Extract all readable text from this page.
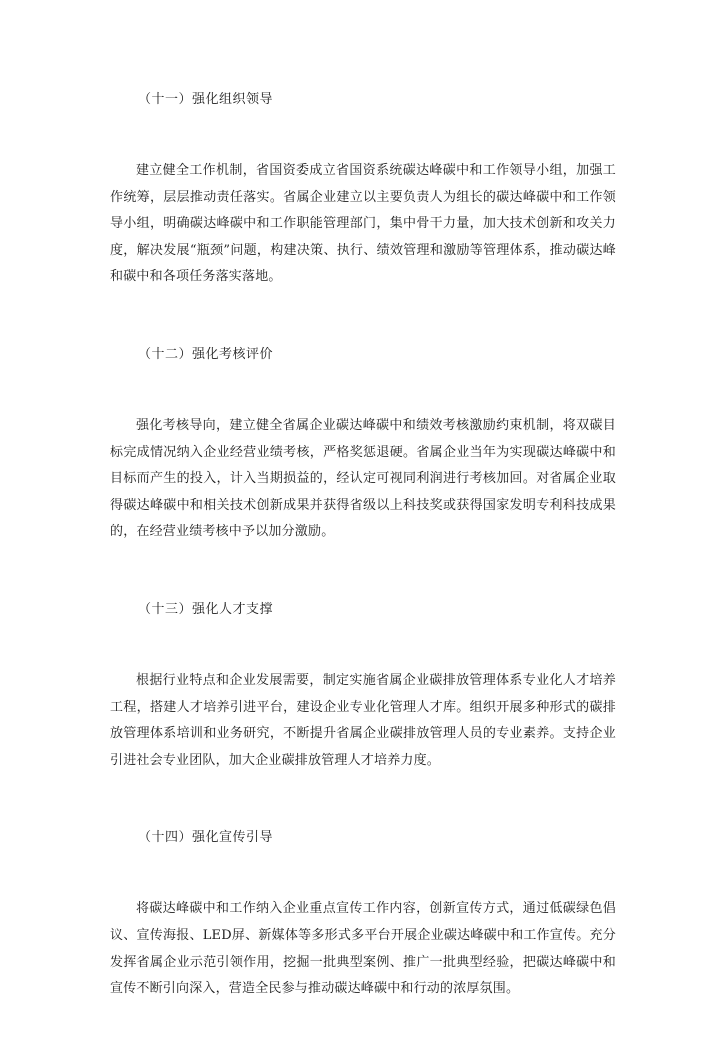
（十一）强化组织领导

建立健全工作机制，省国资委成立省国资系统碳达峰碳中和工作领导小组，加强工作统筹，层层推动责任落实。省属企业建立以主要负责人为组长的碳达峰碳中和工作领导小组，明确碳达峰碳中和工作职能管理部门，集中骨干力量，加大技术创新和攻关力度，解决发展“瓶颈”问题，构建决策、执行、绩效管理和激励等管理体系，推动碳达峰和碳中和各项任务落实落地。

（十二）强化考核评价

强化考核导向，建立健全省属企业碳达峰碳中和绩效考核激励约束机制，将双碳目标完成情况纳入企业经营业绩考核，严格奖惩退硬。省属企业当年为实现碳达峰碳中和目标而产生的投入，计入当期损益的，经认定可视同利润进行考核加回。对省属企业取得碳达峰碳中和相关技术创新成果并获得省级以上科技奖或获得国家发明专利科技成果的，在经营业绩考核中予以加分激励。

（十三）强化人才支撑

根据行业特点和企业发展需要，制定实施省属企业碳排放管理体系专业化人才培养工程，搭建人才培养引进平台，建设企业专业化管理人才库。组织开展多种形式的碳排放管理体系培训和业务研究，不断提升省属企业碳排放管理人员的专业素养。支持企业引进社会专业团队，加大企业碳排放管理人才培养力度。

（十四）强化宣传引导

将碳达峰碳中和工作纳入企业重点宣传工作内容，创新宣传方式，通过低碳绿色倡议、宣传海报、LED屏、新媒体等多形式多平台开展企业碳达峰碳中和工作宣传。充分发挥省属企业示范引领作用，挖掘一批典型案例、推广一批典型经验，把碳达峰碳中和宣传不断引向深入，营造全民参与推动碳达峰碳中和行动的浓厚氛围。
